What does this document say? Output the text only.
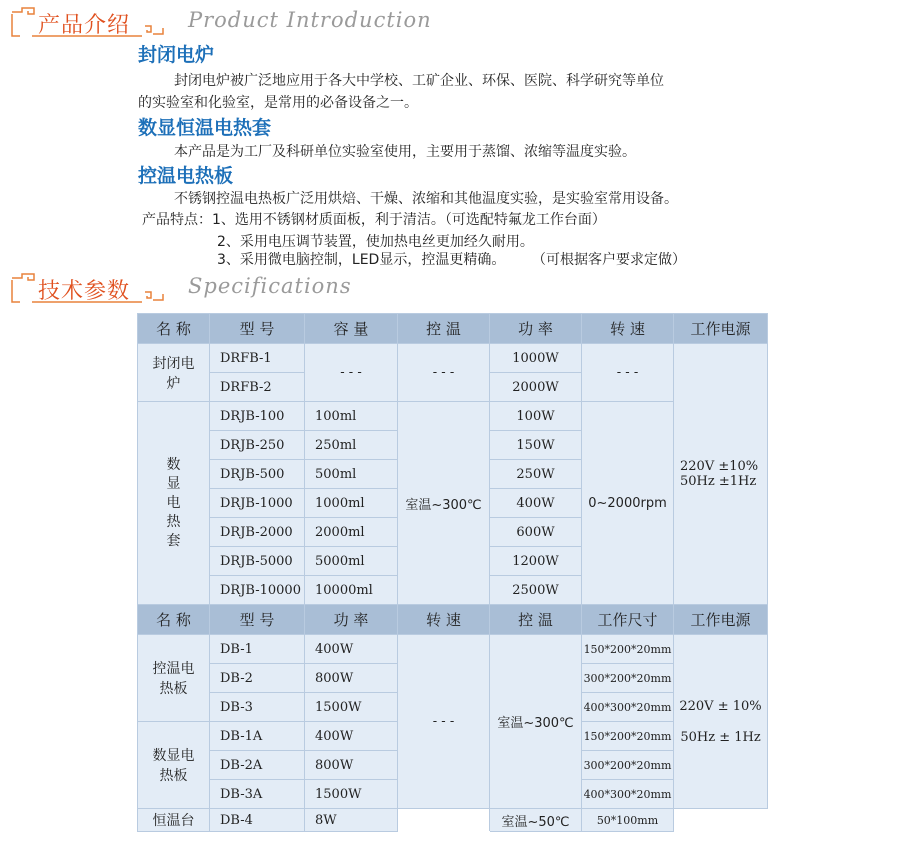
产品介绍	Product Introduction
封闭电炉
封闭电炉被广泛地应用于各大中学校、工矿企业、环保、医院、科学研究等单位
的实验室和化验室，是常用的必备设备之一。
数显恒温电热套
本产品是为工厂及科研单位实验室使用，主要用于蒸馏、浓缩等温度实验。
控温电热板
不锈钢控温电热板广泛用烘焙、干燥、浓缩和其他温度实验，是实验室常用设备。
产品特点：1、选用不锈钢材质面板，利于清洁。（可选配特氟龙工作台面）
2、采用电压调节装置，使加热电丝更加经久耐用。
3、采用微电脑控制，LED显示，控温更精确。      （可根据客户要求定做）
技术参数	Specifications
名 称	型 号	容 量	控 温	功 率	转 速	工作电源
封闭电炉	DRFB-1	- - -	- - -	1000W	- - -	220V ±10%
50Hz ±1Hz

	DRFB-2			2000W		
数显电热套	DRJB-100	100ml	室温~300℃	100W	0~2000rpm	
	DRJB-250	250ml		150W		
	DRJB-500	500ml		250W		
	DRJB-1000	1000ml		400W		
	DRJB-2000	2000ml		600W		
	DRJB-5000	5000ml		1200W		
	DRJB-10000	10000ml		2500W		
名 称	型 号	功 率	转 速	控 温	工作尺寸	工作电源
控温电热板	DB-1	400W	- - -	室温~300℃	150*200*20mm	220V ± 10%
50Hz ± 1Hz

	DB-2	800W			300*200*20mm	
	DB-3	1500W			400*300*20mm	
数显电热板	DB-1A	400W			150*200*20mm	
	DB-2A	800W			300*200*20mm	
	DB-3A	1500W			400*300*20mm	
恒温台	DB-4	8W		室温~50℃	50*100mm	
